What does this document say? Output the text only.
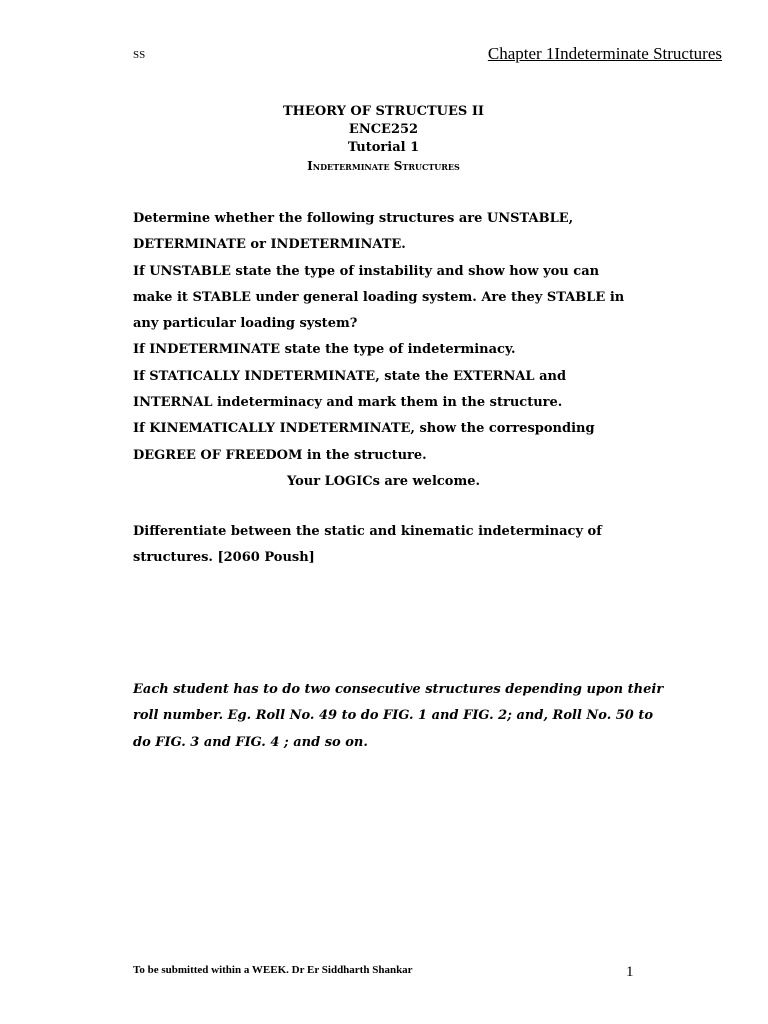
SS	Chapter 1Indeterminate Structures
THEORY OF STRUCTUES II
ENCE252
Tutorial 1
Indeterminate Structures

Determine whether the following structures are UNSTABLE,

DETERMINATE or INDETERMINATE.

If UNSTABLE state the type of instability and show how you can

make it STABLE under general loading system. Are they STABLE in

any particular loading system?

If INDETERMINATE state the type of indeterminacy.

If STATICALLY INDETERMINATE, state the EXTERNAL and

INTERNAL indeterminacy and mark them in the structure.

If KINEMATICALLY INDETERMINATE, show the corresponding

DEGREE OF FREEDOM in the structure.

Your LOGICs are welcome.

Differentiate between the static and kinematic indeterminacy of

structures. [2060 Poush]

Each student has to do two consecutive structures depending upon their

roll number. Eg. Roll No. 49 to do FIG. 1 and FIG. 2; and, Roll No. 50 to

do FIG. 3 and FIG. 4 ; and so on.

To be submitted within a WEEK. Dr Er Siddharth Shankar	1
